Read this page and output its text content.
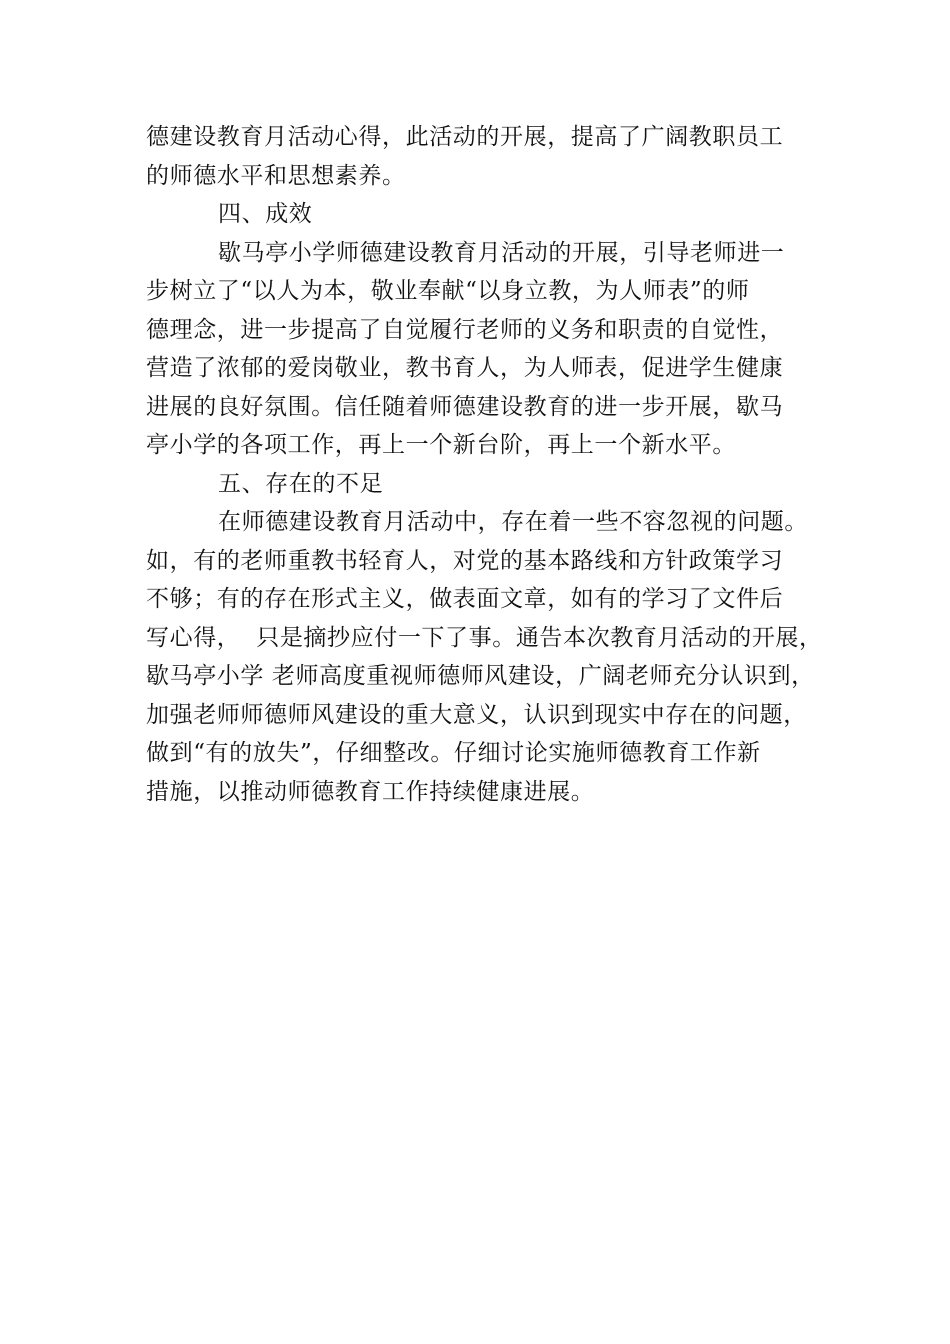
德建设教育月活动心得，此活动的开展，提高了广阔教职员工
的师德水平和思想素养。
四、成效
歇马亭小学师德建设教育月活动的开展，引导老师进一
步树立了“以人为本，敬业奉献“以身立教，为人师表”的师
德理念，进一步提高了自觉履行老师的义务和职责的自觉性，
营造了浓郁的爱岗敬业，教书育人，为人师表，促进学生健康
进展的良好氛围。信任随着师德建设教育的进一步开展，歇马
亭小学的各项工作，再上一个新台阶，再上一个新水平。
五、存在的不足
在师德建设教育月活动中，存在着一些不容忽视的问题。
如，有的老师重教书轻育人，对党的基本路线和方针政策学习
不够；有的存在形式主义，做表面文章，如有的学习了文件后
写心得，  只是摘抄应付一下了事。通告本次教育月活动的开展，
歇马亭小学 老师高度重视师德师风建设，广阔老师充分认识到，
加强老师师德师风建设的重大意义，认识到现实中存在的问题，
做到“有的放失”，仔细整改。仔细讨论实施师德教育工作新
措施，以推动师德教育工作持续健康进展。
